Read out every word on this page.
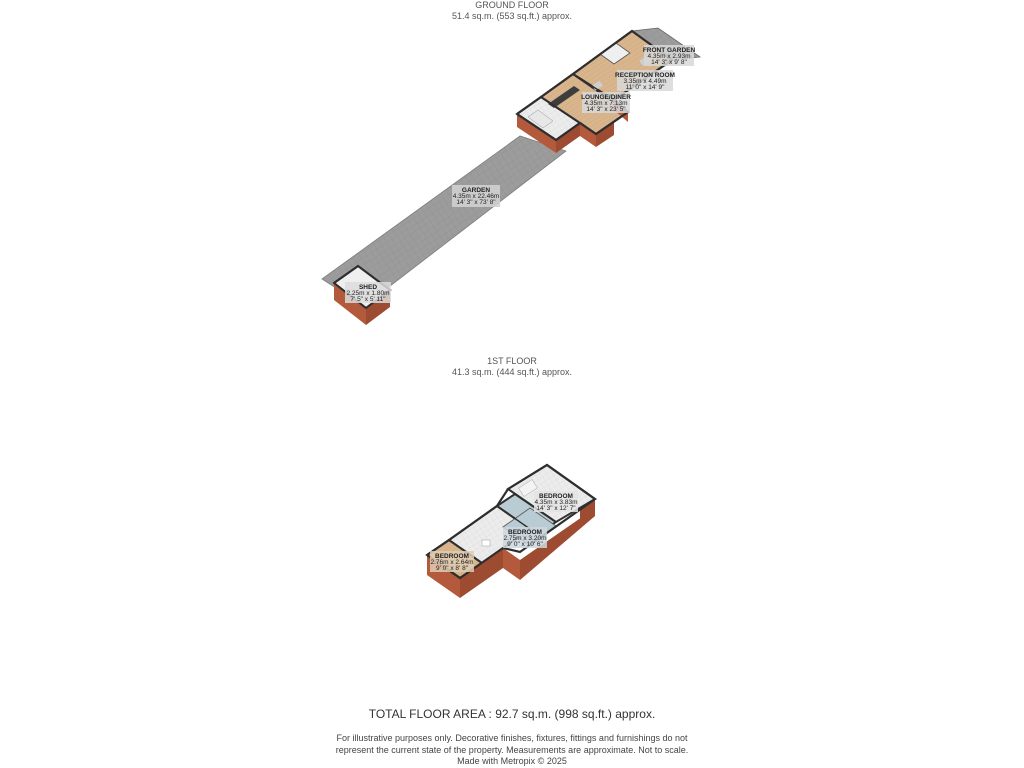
GROUND FLOOR
51.4 sq.m. (553 sq.ft.) approx.
1ST FLOOR
41.3 sq.m. (444 sq.ft.) approx.
FRONT GARDEN
4.35m x 2.93m
14' 3" x 9' 8"
RECEPTION ROOM
3.35m x 4.49m
11' 0" x 14' 9"
LOUNGE/DINER
4.35m x 7.13m
14' 3" x 23' 5"
GARDEN
4.35m x 22.46m
14' 3" x 73' 8"
SHED
2.25m x 1.80m
7' 5" x 5' 11"
BEDROOM
4.35m x 3.83m
14' 3" x 12' 7"
BEDROOM
2.75m x 3.20m
9' 0" x 10' 6"
BEDROOM
2.76m x 2.64m
9' 0" x 8' 8"
TOTAL FLOOR AREA : 92.7 sq.m. (998 sq.ft.) approx.
For illustrative purposes only. Decorative finishes, fixtures, fittings and furnishings do not
represent the current state of the property. Measurements are approximate. Not to scale.
Made with Metropix © 2025
